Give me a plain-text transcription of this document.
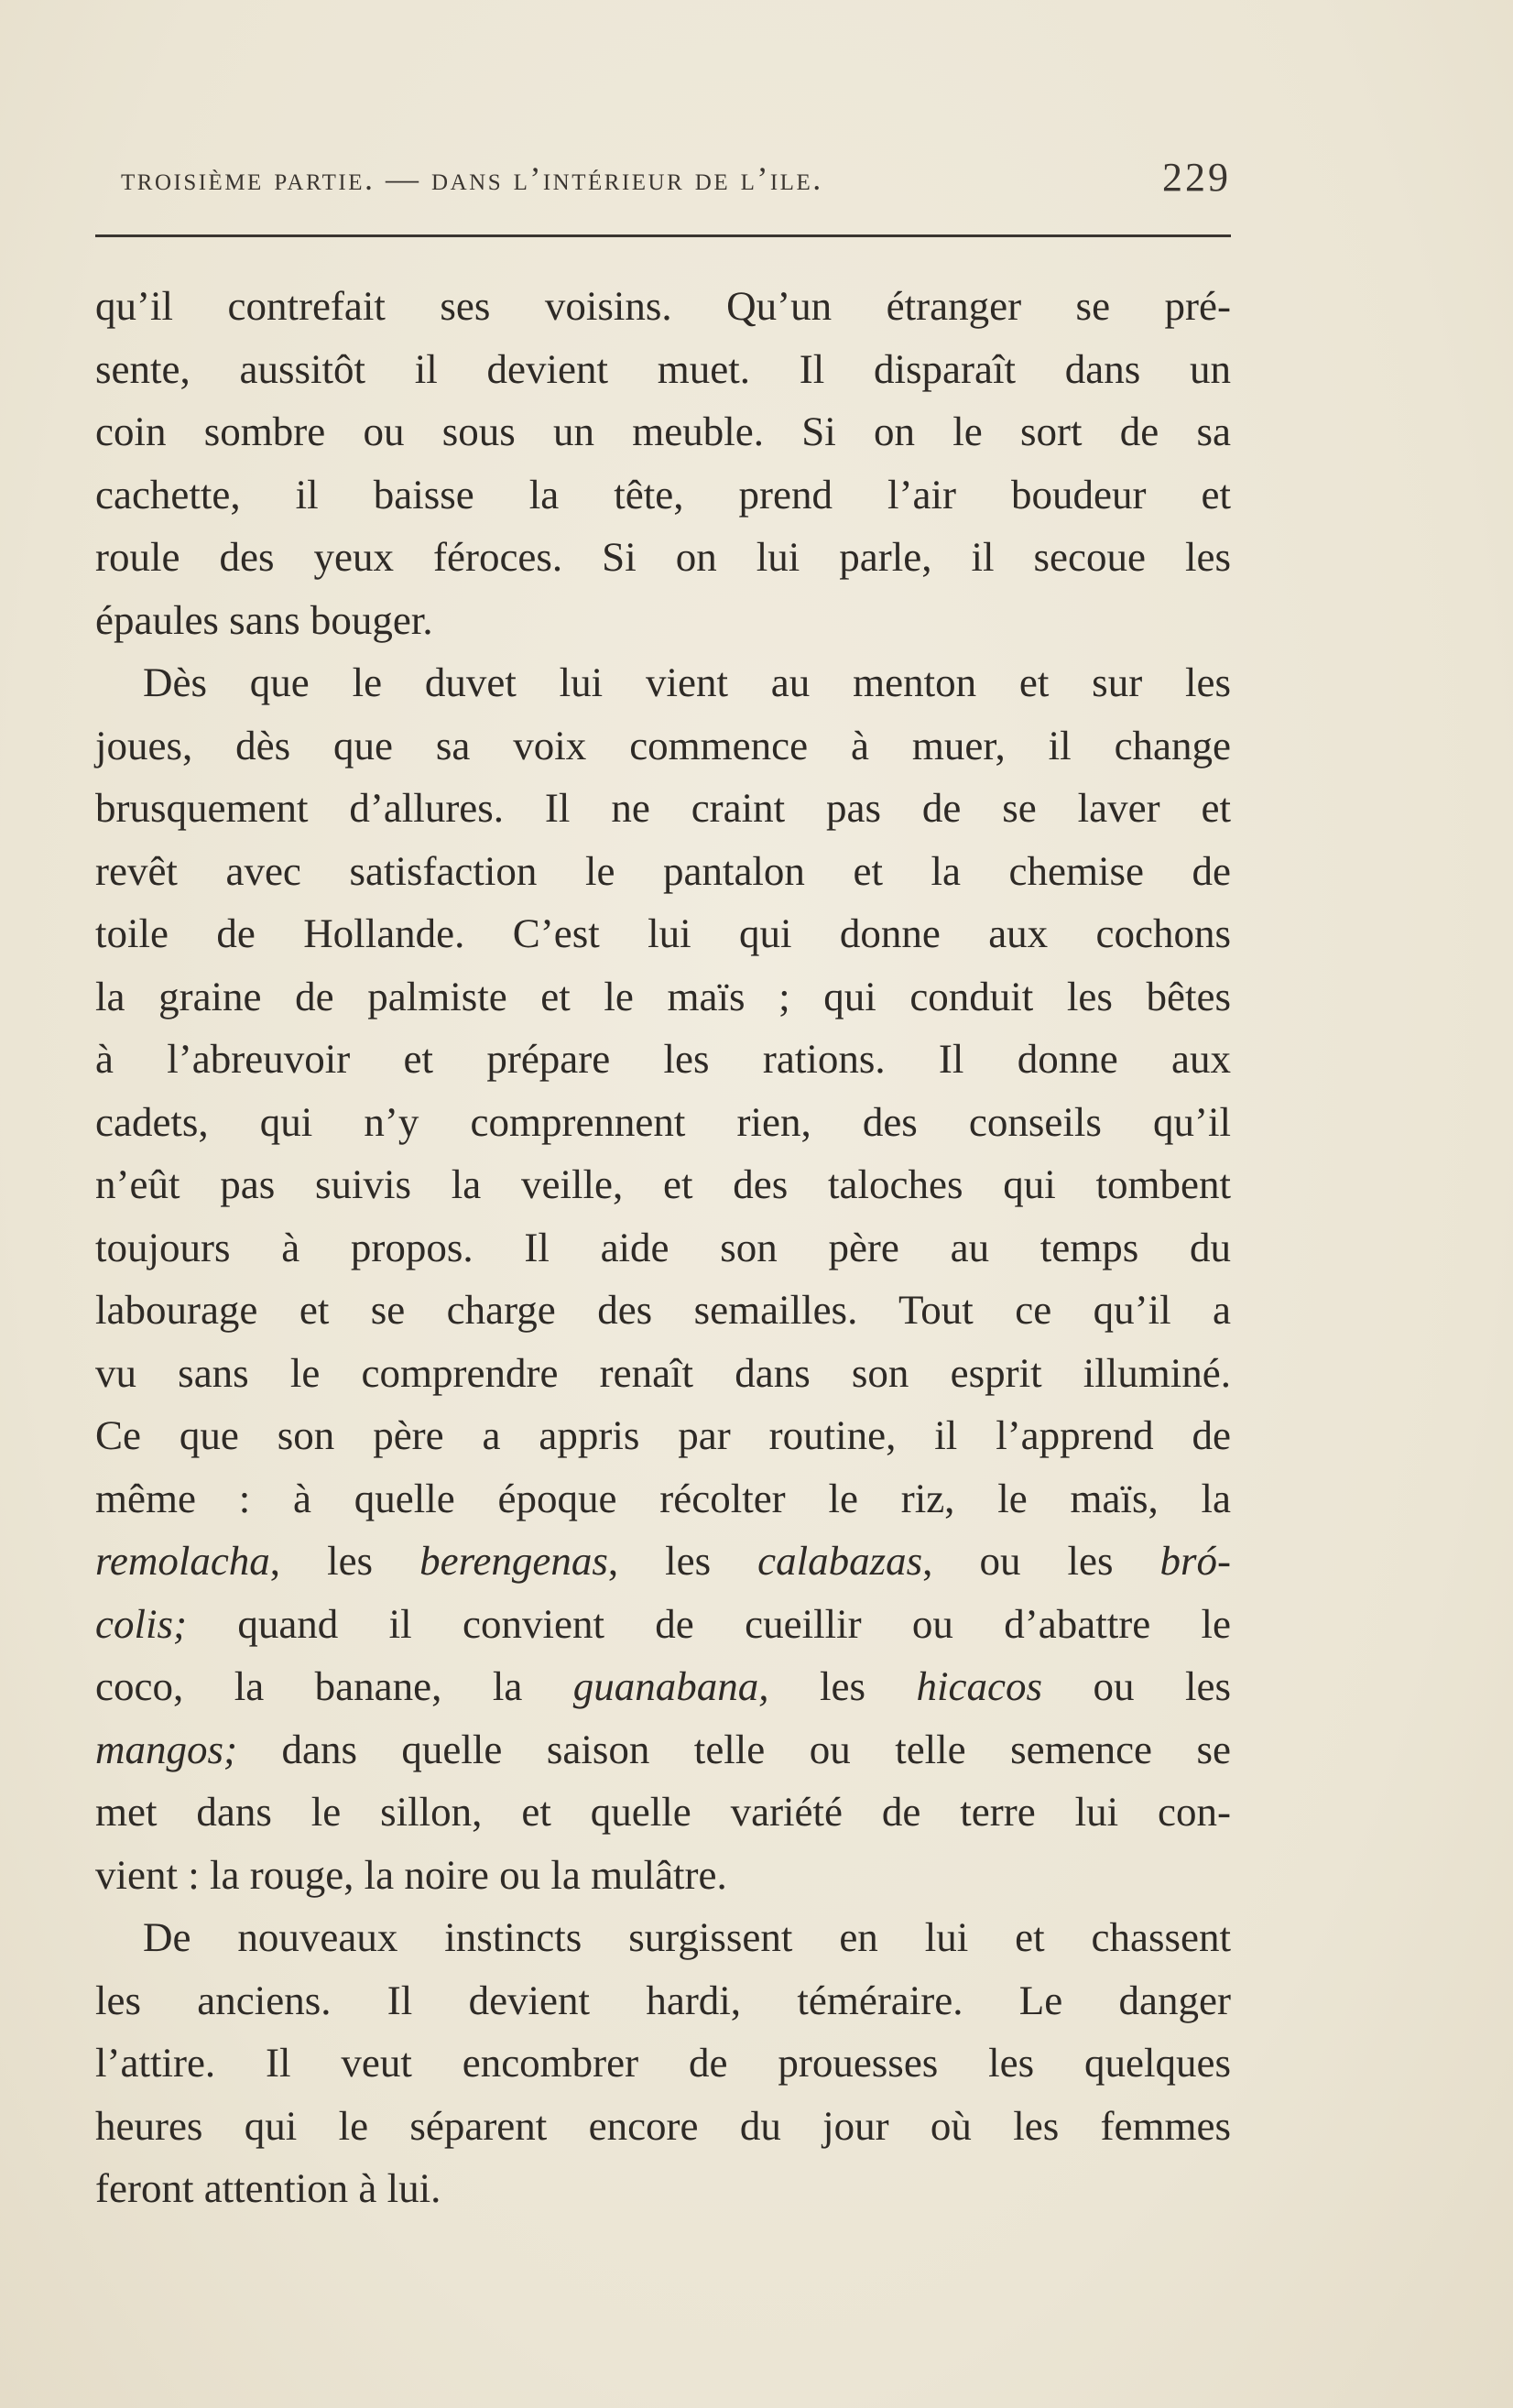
troisième partie. — dans l’intérieur de l’ile.	229
qu’il contrefait ses voisins. Qu’un étranger se pré-
sente, aussitôt il devient muet. Il disparaît dans un
coin sombre ou sous un meuble. Si on le sort de sa
cachette, il baisse la tête, prend l’air boudeur et
roule des yeux féroces. Si on lui parle, il secoue les
épaules sans bouger.
Dès que le duvet lui vient au menton et sur les
joues, dès que sa voix commence à muer, il change
brusquement d’allures. Il ne craint pas de se laver et
revêt avec satisfaction le pantalon et la chemise de
toile de Hollande. C’est lui qui donne aux cochons
la graine de palmiste et le maïs ; qui conduit les bêtes
à l’abreuvoir et prépare les rations. Il donne aux
cadets, qui n’y comprennent rien, des conseils qu’il
n’eût pas suivis la veille, et des taloches qui tombent
toujours à propos. Il aide son père au temps du
labourage et se charge des semailles. Tout ce qu’il a
vu sans le comprendre renaît dans son esprit illuminé.
Ce que son père a appris par routine, il l’apprend de
même : à quelle époque récolter le riz, le maïs, la
remolacha, les berengenas, les calabazas, ou les bró-
colis; quand il convient de cueillir ou d’abattre le
coco, la banane, la guanabana, les hicacos ou les
mangos; dans quelle saison telle ou telle semence se
met dans le sillon, et quelle variété de terre lui con-
vient : la rouge, la noire ou la mulâtre.
De nouveaux instincts surgissent en lui et chassent
les anciens. Il devient hardi, téméraire. Le danger
l’attire. Il veut encombrer de prouesses les quelques
heures qui le séparent encore du jour où les femmes
feront attention à lui.
